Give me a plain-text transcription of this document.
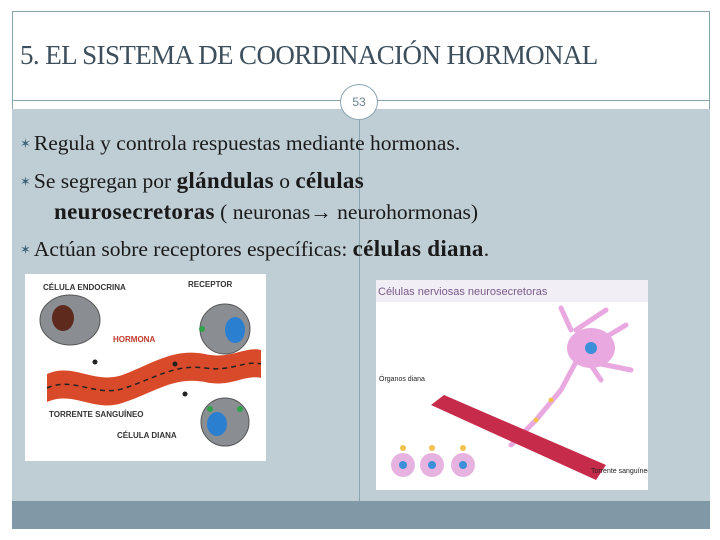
5. EL SISTEMA DE COORDINACIÓN HORMONAL
53
✶ Regula y controla respuestas mediante hormonas.
✶ Se segregan por glándulas o células
neurosecretoras ( neuronas→ neurohormonas)
✶ Actúan sobre receptores específicas: células diana.
CÉLULA ENDOCRINA	RECEPTOR
HORMONA
TORRENTE SANGUÍNEO
CÉLULA DIANA
Células nerviosas neurosecretoras
Órganos diana
Torrente sanguíneo
